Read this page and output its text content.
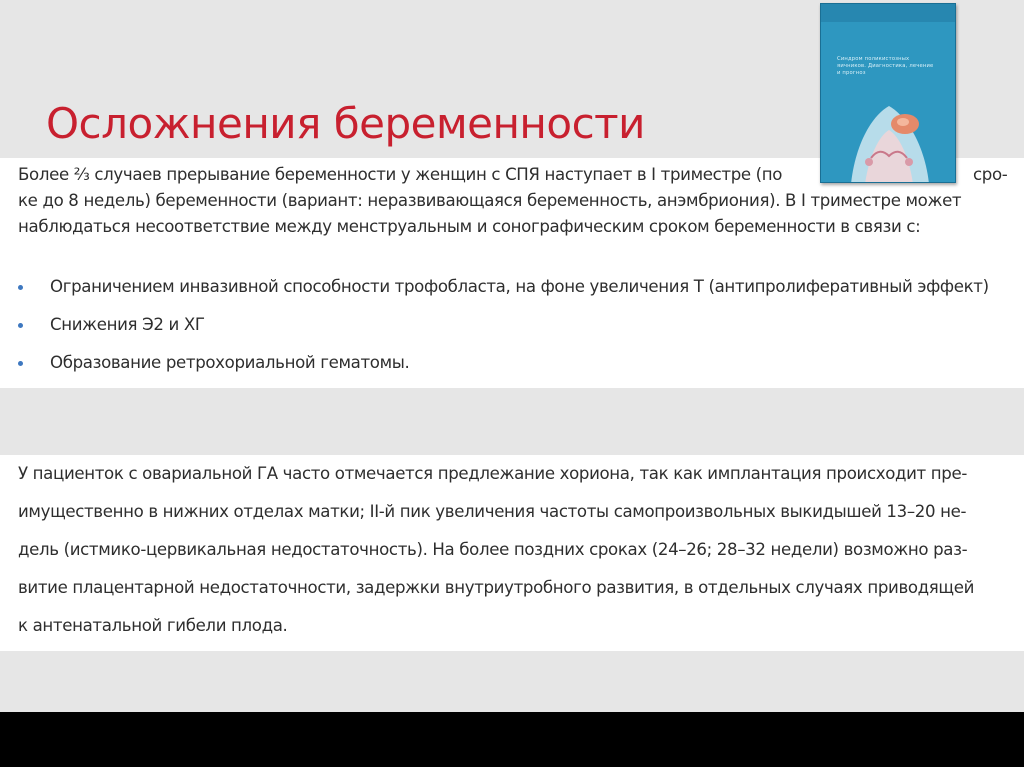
Осложнения беременности
Более ⅔ случаев прерывание беременности у женщин с СПЯ наступает в I триместре (по	сро-
ке до 8 недель) беременности (вариант: неразвивающаяся беременность, анэмбриония). В I триместре может
наблюдаться несоответствие между менструальным и сонографическим сроком беременности в связи с:
Ограничением инвазивной способности трофобласта, на фоне увеличения Т (антипролиферативный эффект)
Снижения Э2 и ХГ
Образование ретрохориальной гематомы.
У пациенток с овариальной ГА часто отмечается предлежание хориона, так как имплантация происходит пре-
имущественно в нижних отделах матки; II-й пик увеличения частоты самопроизвольных выкидышей 13–20 не-
дель (истмико-цервикальная недостаточность). На более поздних сроках (24–26; 28–32 недели) возможно раз-
витие плацентарной недостаточности, задержки внутриутробного развития, в отдельных случаях приводящей
к антенатальной гибели плода.
Синдром поликистозных яичников. Диагностика, лечение и прогноз
